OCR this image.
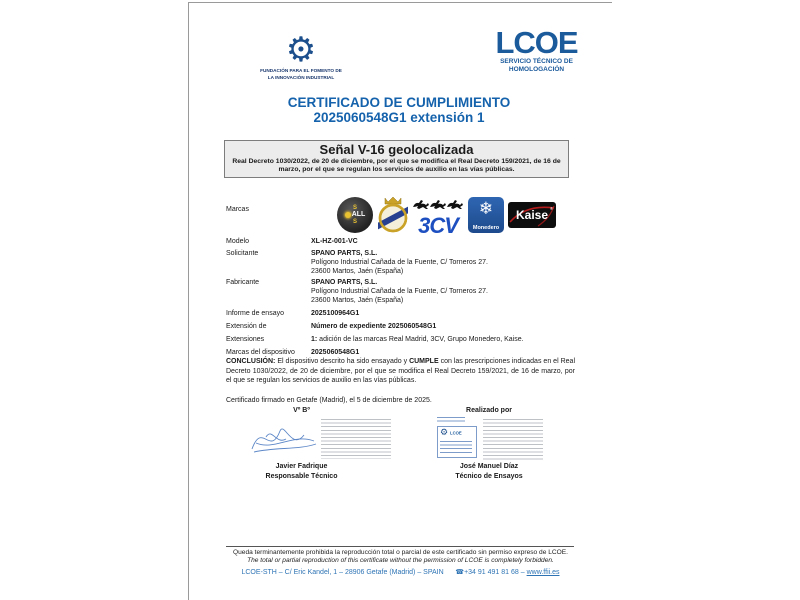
⚙
FUNDACIÓN PARA EL FOMENTO DE
LA INNOVACIÓN INDUSTRIAL
LCOE
SERVICIO TÉCNICO DE
HOMOLOGACIÓN
CERTIFICADO DE CUMPLIMIENTO
2025060548G1 extensión 1
Señal V-16 geolocalizada
Real Decreto 1030/2022, de 20 de diciembre, por el que se modifica el Real Decreto 159/2021, de 16 de marzo, por el que se regulan los servicios de auxilio en las vías públicas.
Marcas	S
ALL
S	3CV
❄
Monedero
Kaise ®
Modelo	XL-HZ-001-VC
Solicitante	SPANO PARTS, S.L.
Polígono Industrial Cañada de la Fuente, C/ Torneros 27.
23600 Martos, Jaén (España)
Fabricante	SPANO PARTS, S.L.
Polígono Industrial Cañada de la Fuente, C/ Torneros 27.
23600 Martos, Jaén (España)
Informe de ensayo	2025100964G1
Extensión de	Número de expediente 2025060548G1
Extensiones	1: adición de las marcas Real Madrid, 3CV, Grupo Monedero, Kaise.
Marcas del dispositivo	2025060548G1
CONCLUSIÓN: El dispositivo descrito ha sido ensayado y CUMPLE con las prescripciones indicadas en el Real Decreto 1030/2022, de 20 de diciembre, por el que se modifica el Real Decreto 159/2021, de 16 de marzo, por el que se regulan los servicios de auxilio en las vías públicas.
Certificado firmado en Getafe (Madrid), el 5 de diciembre de 2025.
Vº Bº	Realizado por
⚙ LCOE
Javier Fadrique
Responsable Técnico
José Manuel Díaz
Técnico de Ensayos
Queda terminantemente prohibida la reproducción total o parcial de este certificado sin permiso expreso de LCOE.
The total or partial reproduction of this certificate without the permission of LCOE is completely forbidden.
LCOE-STH – C/ Eric Kandel, 1 – 28906 Getafe (Madrid) – SPAIN ☎+34 91 491 81 68 – www.ffii.es
